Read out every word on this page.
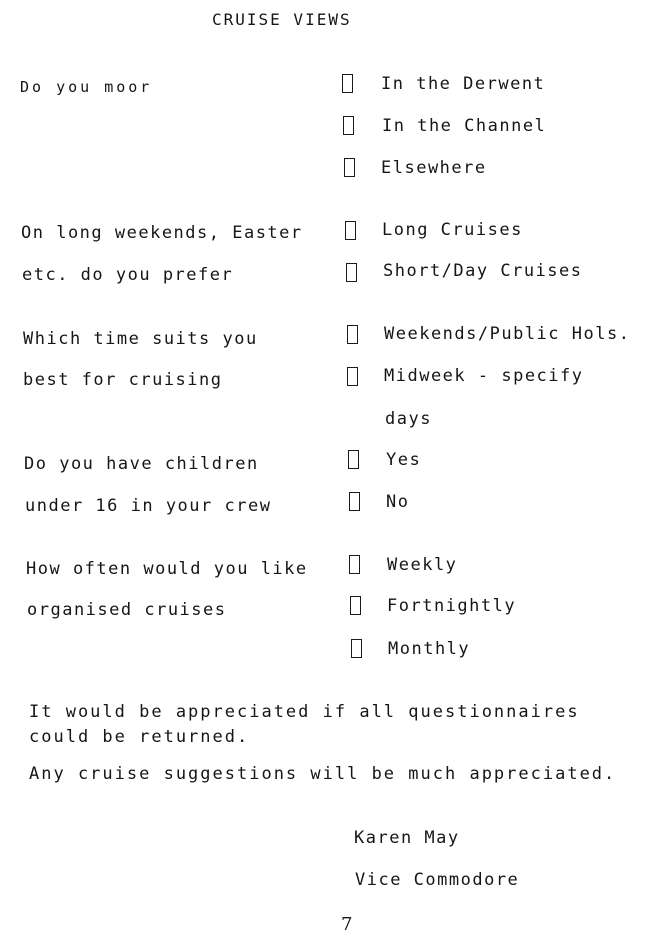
CRUISE VIEWS
Do you moor	In the Derwent
In the Channel
Elsewhere
On long weekends, Easter
etc. do you prefer
Long Cruises
Short/Day Cruises
Which time suits you
best for cruising
Weekends/Public Hols.
Midweek - specify
days
Do you have children
under 16 in your crew
Yes
No
How often would you like
organised cruises
Weekly
Fortnightly
Monthly
It would be appreciated if all questionnaires
could be returned.
Any cruise suggestions will be much appreciated.
Karen May
Vice Commodore
7
